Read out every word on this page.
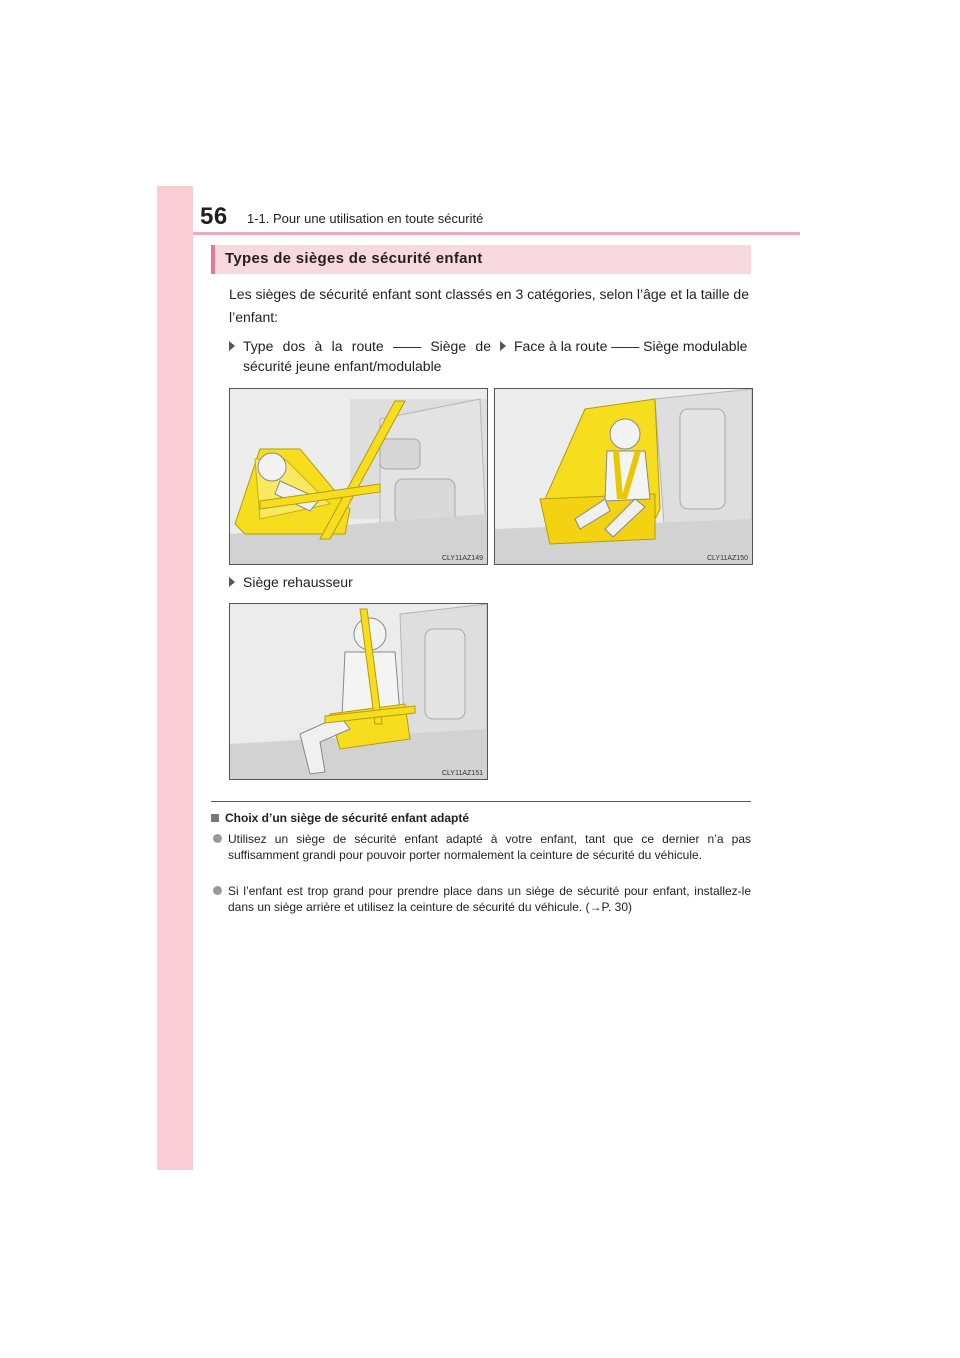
56 1-1. Pour une utilisation en toute sécurité
Types de sièges de sécurité enfant
Les sièges de sécurité enfant sont classés en 3 catégories, selon l’âge et la taille de l’enfant:
Type dos à la route —— Siège de sécurité jeune enfant/modulable
Face à la route —— Siège modulable
CLY11AZ149	CLY11AZ150
Siège rehausseur
CLY11AZ151
Choix d’un siège de sécurité enfant adapté
Utilisez un siège de sécurité enfant adapté à votre enfant, tant que ce dernier n’a pas suffisamment grandi pour pouvoir porter normalement la ceinture de sécurité du véhicule.
Si l’enfant est trop grand pour prendre place dans un siège de sécurité pour enfant, installez-le dans un siège arrière et utilisez la ceinture de sécurité du véhicule. (→P. 30)
